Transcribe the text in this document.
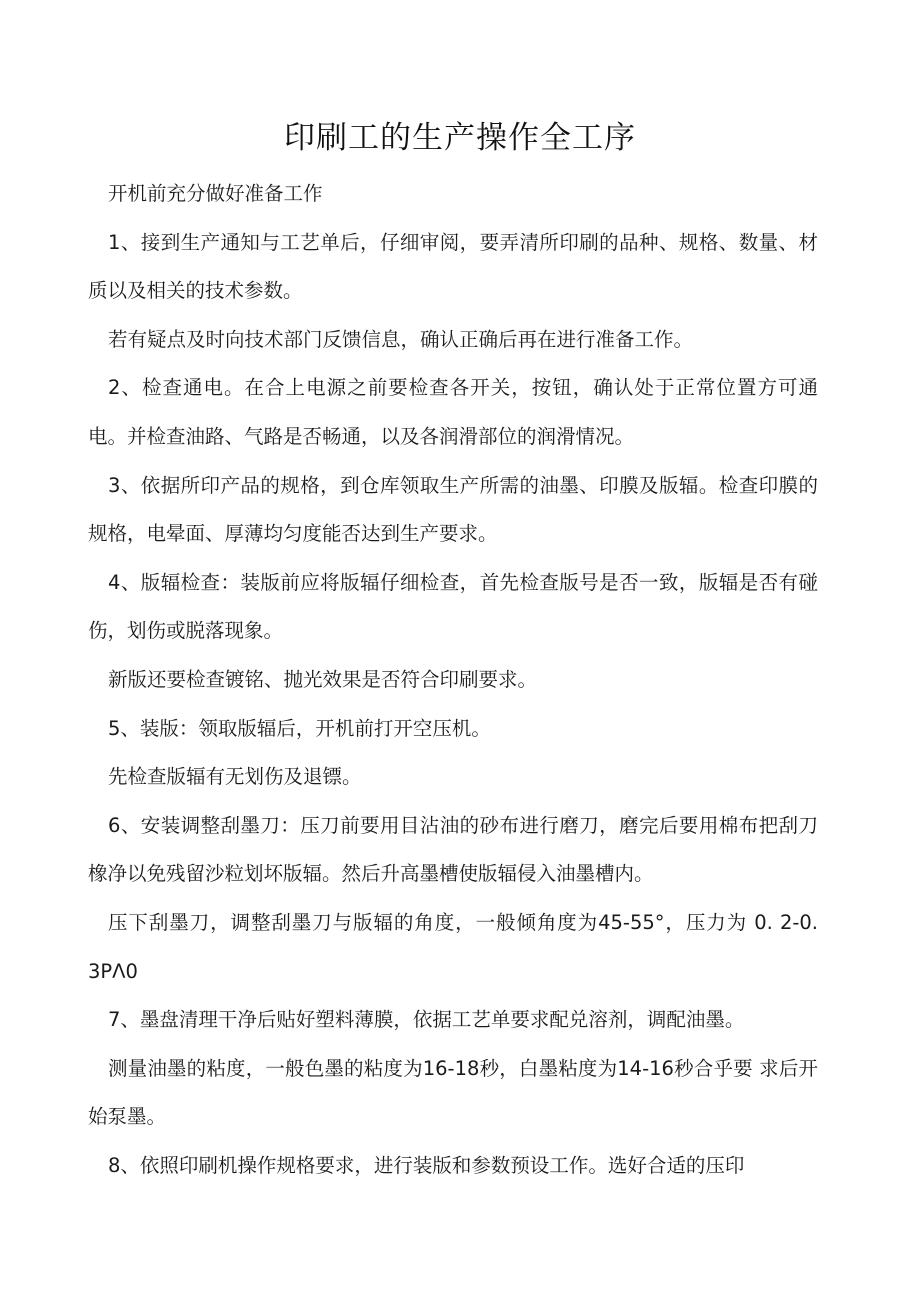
印刷工的生产操作全工序

开机前充分做好准备工作

1、接到生产通知与工艺单后，仔细审阅，要弄清所印刷的品种、规格、数量、材质以及相关的技术参数。

若有疑点及时向技术部门反馈信息，确认正确后再在进行准备工作。

2、检查通电。在合上电源之前要检查各开关，按钮，确认处于正常位置方可通电。并检查油路、气路是否畅通，以及各润滑部位的润滑情况。

3、依据所印产品的规格，到仓库领取生产所需的油墨、印膜及版辐。检查印膜的规格，电晕面、厚薄均匀度能否达到生产要求。

4、版辐检查：装版前应将版辐仔细检查，首先检查版号是否一致，版辐是否有碰伤，划伤或脱落现象。

新版还要检查镀铭、抛光效果是否符合印刷要求。

5、装版：领取版辐后，开机前打开空压机。

先检查版辐有无划伤及退镖。

6、安装调整刮墨刀：压刀前要用目沾油的砂布进行磨刀，磨完后要用棉布把刮刀橡净以免残留沙粒划坏版辐。然后升高墨槽使版辐侵入油墨槽内。

压下刮墨刀，调整刮墨刀与版辐的角度，一般倾角度为45-55°，压力为 0. 2-0. 3PΛ0

7、墨盘清理干净后贴好塑料薄膜，依据工艺单要求配兑溶剂，调配油墨。

测量油墨的粘度，一般色墨的粘度为16-18秒，白墨粘度为14-16秒合乎要 求后开始泵墨。

8、依照印刷机操作规格要求，进行装版和参数预设工作。选好合适的压印
